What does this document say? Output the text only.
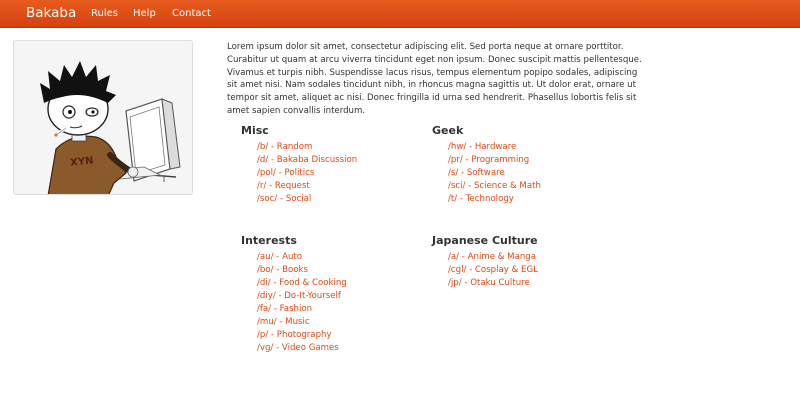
Bakaba Rules Help Contact
XYN

Lorem ipsum dolor sit amet, consectetur adipiscing elit. Sed porta neque at ornare porttitor. Curabitur ut quam at arcu viverra tincidunt eget non ipsum. Donec suscipit mattis pellentesque. Vivamus et turpis nibh. Suspendisse lacus risus, tempus elementum popipo sodales, adipiscing sit amet nisi. Nam sodales tincidunt nibh, in rhoncus magna sagittis ut. Ut dolor erat, ornare ut tempor sit amet, aliquet ac nisi. Donec fringilla id urna sed hendrerit. Phasellus lobortis felis sit amet sapien convallis interdum.

Misc
/b/ - Random
/d/ - Bakaba Discussion
/pol/ - Politics
/r/ - Request
/soc/ - Social
Geek
/hw/ - Hardware
/pr/ - Programming
/s/ - Software
/sci/ - Science & Math
/t/ - Technology
Interests
/au/ - Auto
/bo/ - Books
/di/ - Food & Cooking
/diy/ - Do-It-Yourself
/fa/ - Fashion
/mu/ - Music
/p/ - Photography
/vg/ - Video Games
Japanese Culture
/a/ - Anime & Manga
/cgl/ - Cosplay & EGL
/jp/ - Otaku Culture
